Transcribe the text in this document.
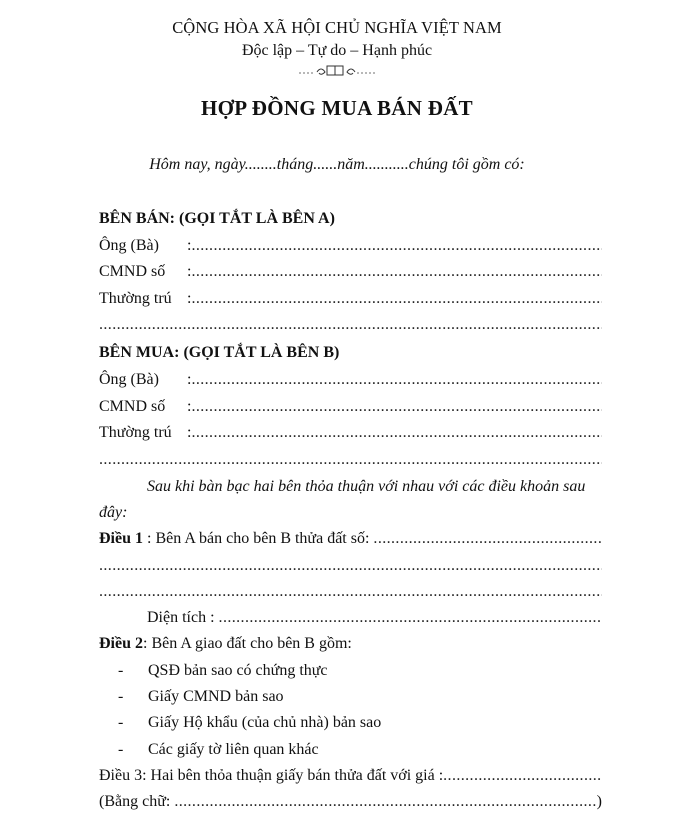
CỘNG HÒA XÃ HỘI CHỦ NGHĨA VIỆT NAM
Độc lập – Tự do – Hạnh phúc
HỢP ĐỒNG MUA BÁN ĐẤT
Hôm nay, ngày........tháng......năm...........chúng tôi gồm có:
BÊN BÁN: (GỌI TẮT LÀ BÊN A)
Ông (Bà)	:
.....
CMND số	:
.....
Thường trú :
.....
.....
BÊN MUA: (GỌI TẮT LÀ BÊN B)
Ông (Bà)	:
.....
CMND số	:
.....
Thường trú :
.....
.....
Sau khi bàn bạc hai bên thỏa thuận với nhau với các điều khoản sau
đây:
Điều 1 : Bên A bán cho bên B thửa đất số:
.....
.....
.....
Diện tích :
.....
Điều 2 : Bên A giao đất cho bên B gồm:
-	QSĐ bản sao có chứng thực
-	Giấy CMND bản sao
-	Giấy Hộ khẩu (của chủ nhà) bản sao
-	Các giấy tờ liên quan khác
Điều 3: Hai bên thỏa thuận giấy bán thửa đất với giá :
.....
(Bằng chữ: .....	)
